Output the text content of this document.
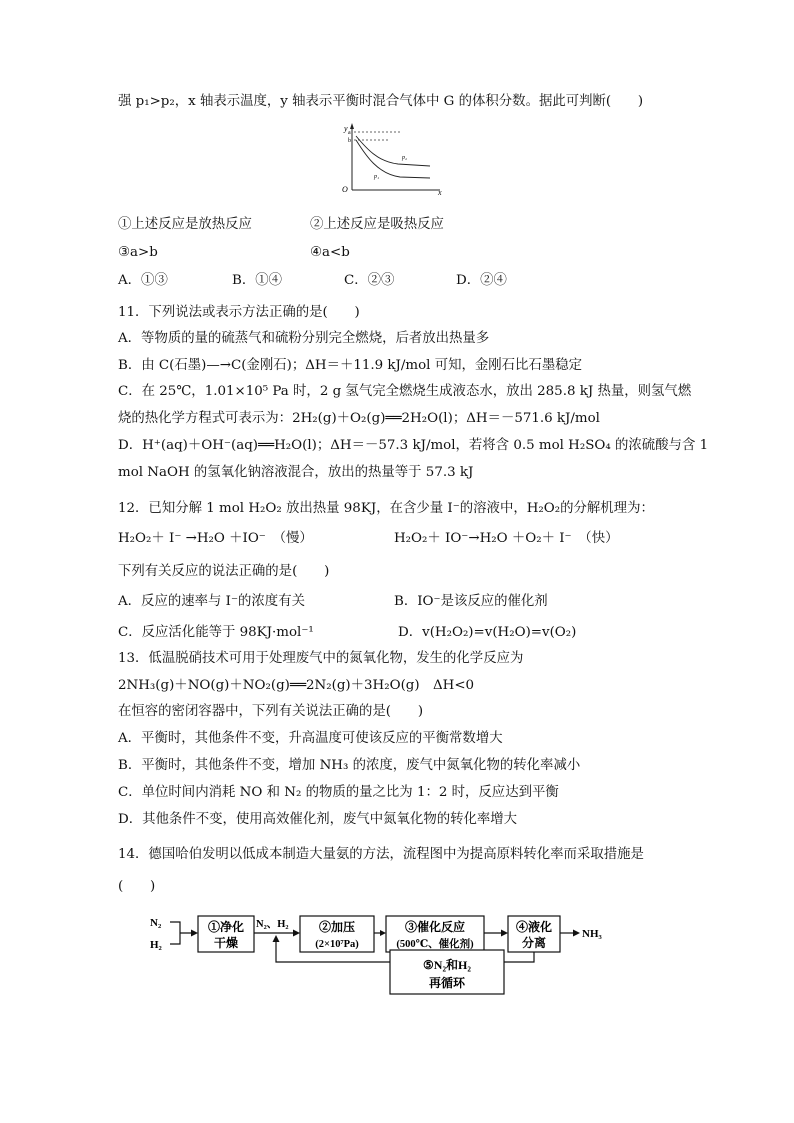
强 p₁>p₂，x 轴表示温度，y 轴表示平衡时混合气体中 G 的体积分数。据此可判断(　　)
y
x
O
a
b
p₂
p₁
①上述反应是放热反应	②上述反应是吸热反应
③a>b	④a<b
A．①③	B．①④	C．②③	D．②④
11．下列说法或表示方法正确的是(　　)
A．等物质的量的硫蒸气和硫粉分别完全燃烧，后者放出热量多
B．由 C(石墨)—→C(金刚石)；ΔH＝＋11.9 kJ/mol 可知，金刚石比石墨稳定
C．在 25℃，1.01×10⁵ Pa 时，2 g 氢气完全燃烧生成液态水，放出 285.8 kJ 热量，则氢气燃
烧的热化学方程式可表示为：2H₂(g)＋O₂(g)══2H₂O(l)；ΔH＝－571.6 kJ/mol
D．H⁺(aq)＋OH⁻(aq)══H₂O(l)；ΔH＝－57.3 kJ/mol，若将含 0.5 mol H₂SO₄ 的浓硫酸与含 1
mol NaOH 的氢氧化钠溶液混合，放出的热量等于 57.3 kJ
12．已知分解 1 mol H₂O₂ 放出热量 98KJ，在含少量 I⁻的溶液中，H₂O₂的分解机理为：
H₂O₂＋ I⁻ →H₂O ＋IO⁻　（慢）	H₂O₂＋ IO⁻→H₂O ＋O₂＋ I⁻　（快）
下列有关反应的说法正确的是(　　)
A．反应的速率与 I⁻的浓度有关	B．IO⁻是该反应的催化剂
C．反应活化能等于 98KJ·mol⁻¹	D．v(H₂O₂)=v(H₂O)=v(O₂)
13．低温脱硝技术可用于处理废气中的氮氧化物，发生的化学反应为
2NH₃(g)＋NO(g)＋NO₂(g)══2N₂(g)＋3H₂O(g)　ΔH<0
在恒容的密闭容器中，下列有关说法正确的是(　　)
A．平衡时，其他条件不变，升高温度可使该反应的平衡常数增大
B．平衡时，其他条件不变，增加 NH₃ 的浓度，废气中氮氧化物的转化率减小
C．单位时间内消耗 NO 和 N₂ 的物质的量之比为 1：2 时，反应达到平衡
D．其他条件不变，使用高效催化剂，废气中氮氧化物的转化率增大
14．德国哈伯发明以低成本制造大量氨的方法，流程图中为提高原料转化率而采取措施是
(　　)
N₂
H₂
①净化
干燥
N₂、H₂	②加压
(2×10⁷Pa)
③催化反应
(500℃、催化剂)
④液化
分离
NH₃
⑤N₂和H₂
再循环
